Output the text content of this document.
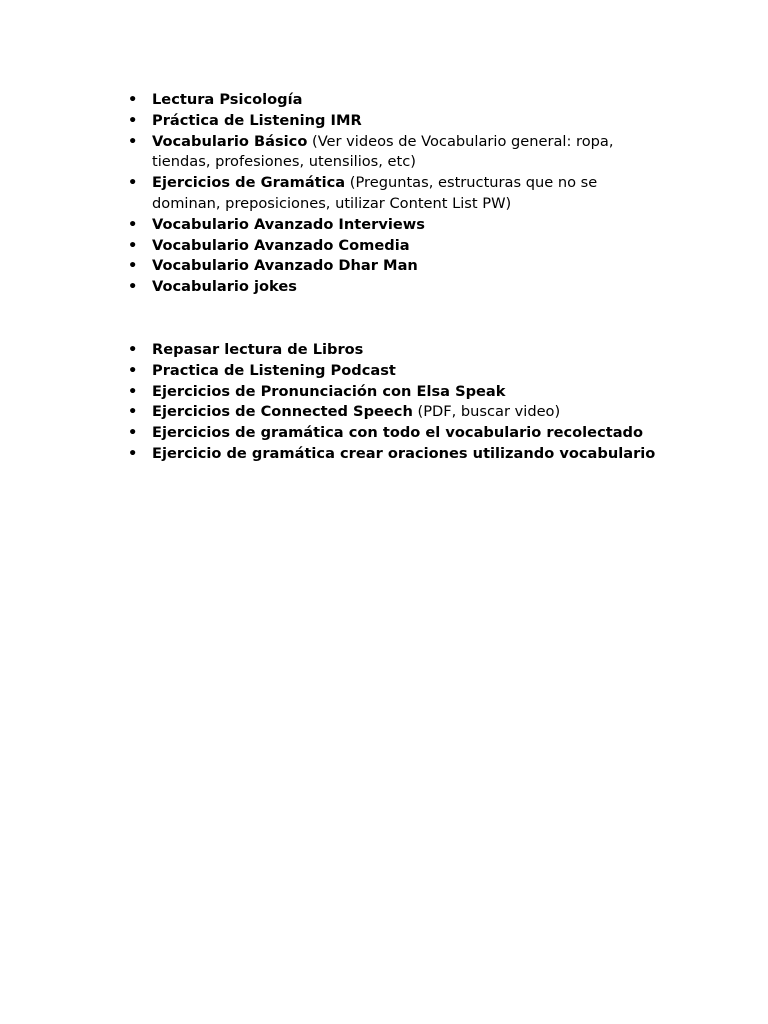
•	Lectura Psicología
•	Práctica de Listening IMR
•	Vocabulario Básico (Ver videos de Vocabulario general: ropa, tiendas, profesiones, utensilios, etc)
•	Ejercicios de Gramática (Preguntas, estructuras que no se dominan, preposiciones, utilizar Content List PW)
•	Vocabulario Avanzado Interviews
•	Vocabulario Avanzado Comedia
•	Vocabulario Avanzado Dhar Man
•	Vocabulario jokes
•	Repasar lectura de Libros
•	Practica de Listening Podcast
•	Ejercicios de Pronunciación con Elsa Speak
•	Ejercicios de Connected Speech (PDF, buscar video)
•	Ejercicios de gramática con todo el vocabulario recolectado
•	Ejercicio de gramática crear oraciones utilizando vocabulario
